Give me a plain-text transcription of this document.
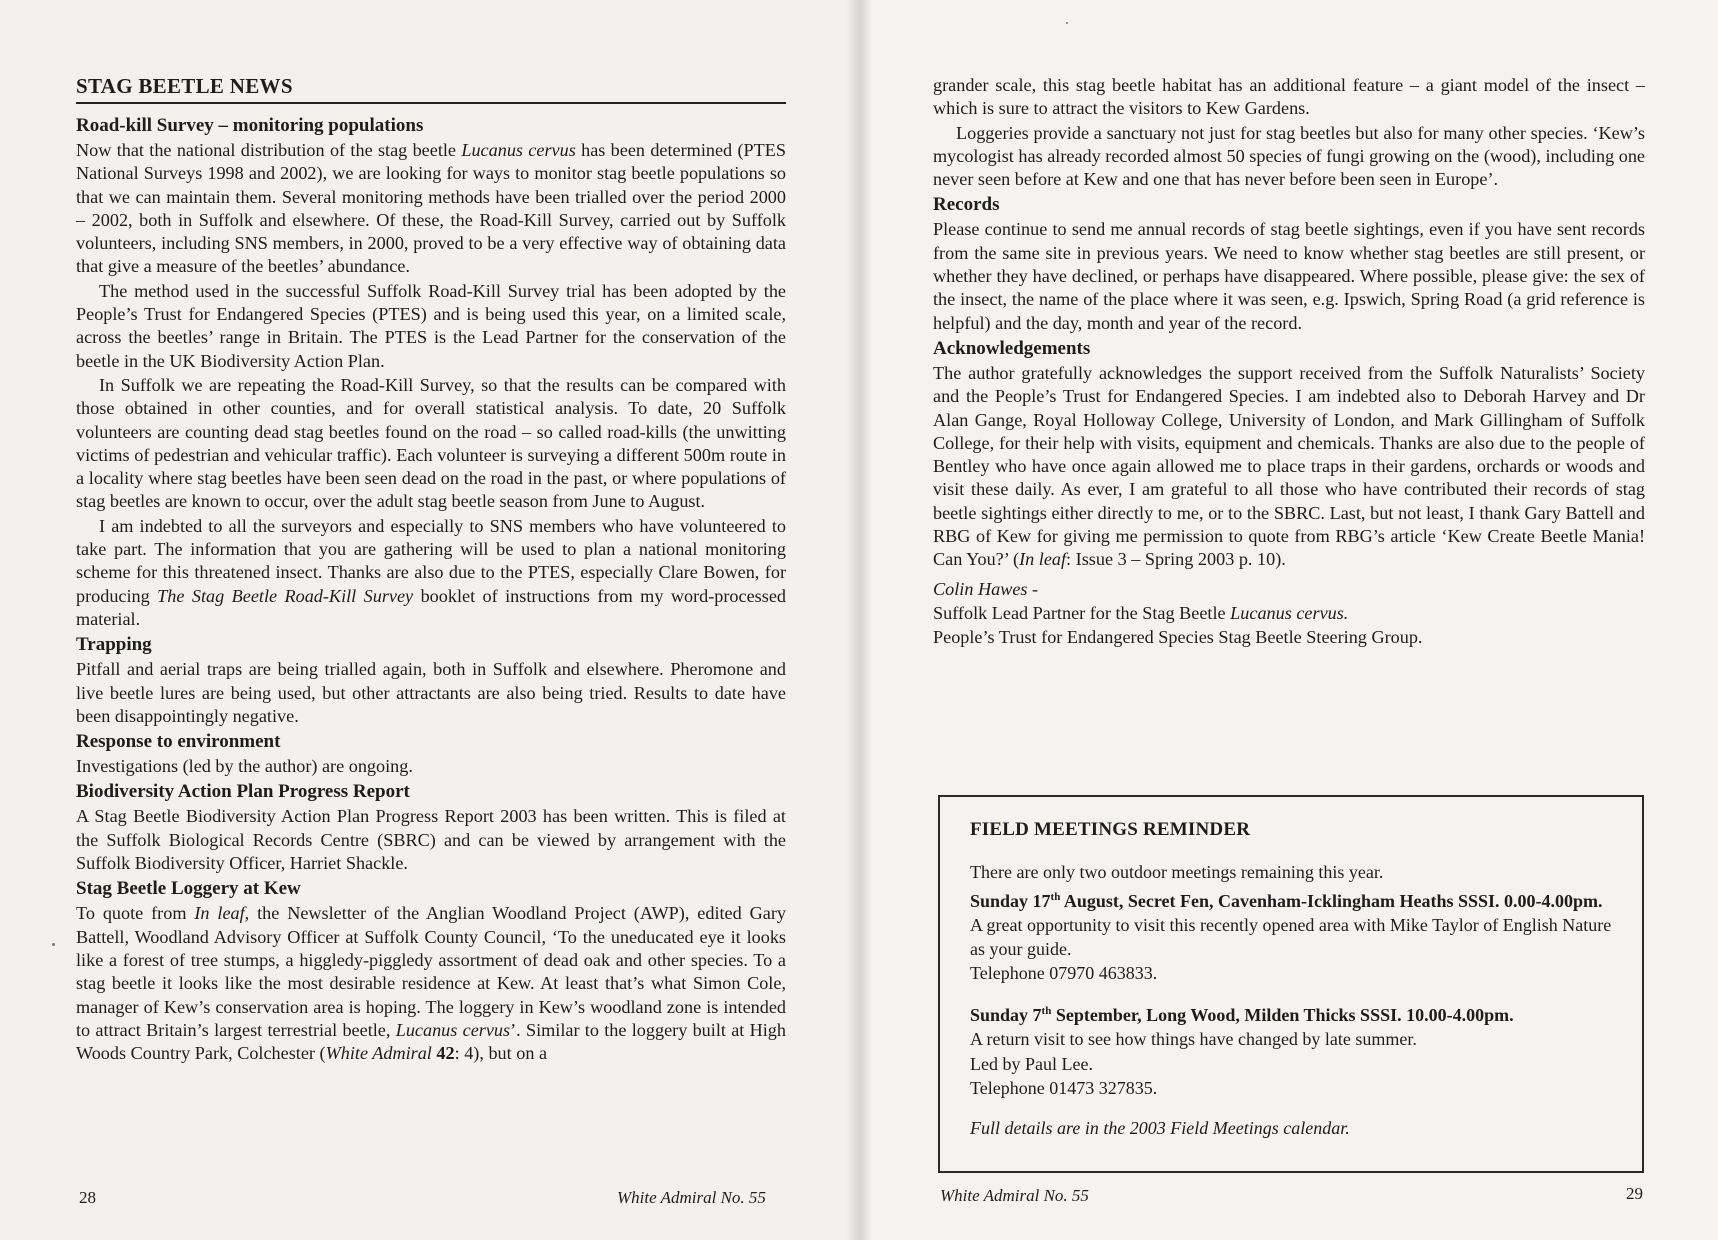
STAG BEETLE NEWS
Road-kill Survey – monitoring populations

Now that the national distribution of the stag beetle Lucanus cervus has been determined (PTES National Surveys 1998 and 2002), we are looking for ways to monitor stag beetle populations so that we can maintain them. Several monitoring methods have been trialled over the period 2000 – 2002, both in Suffolk and elsewhere. Of these, the Road-Kill Survey, carried out by Suffolk volunteers, including SNS members, in 2000, proved to be a very effective way of obtaining data that give a measure of the beetles’ abundance.

The method used in the successful Suffolk Road-Kill Survey trial has been adopted by the People’s Trust for Endangered Species (PTES) and is being used this year, on a limited scale, across the beetles’ range in Britain. The PTES is the Lead Partner for the conservation of the beetle in the UK Biodiversity Action Plan.

In Suffolk we are repeating the Road-Kill Survey, so that the results can be compared with those obtained in other counties, and for overall statistical analysis. To date, 20 Suffolk volunteers are counting dead stag beetles found on the road – so called road-kills (the unwitting victims of pedestrian and vehicular traffic). Each volunteer is surveying a different 500m route in a locality where stag beetles have been seen dead on the road in the past, or where populations of stag beetles are known to occur, over the adult stag beetle season from June to August.

I am indebted to all the surveyors and especially to SNS members who have volunteered to take part. The information that you are gathering will be used to plan a national monitoring scheme for this threatened insect. Thanks are also due to the PTES, especially Clare Bowen, for producing The Stag Beetle Road-Kill Survey booklet of instructions from my word-processed material.

Trapping

Pitfall and aerial traps are being trialled again, both in Suffolk and elsewhere. Pheromone and live beetle lures are being used, but other attractants are also being tried. Results to date have been disappointingly negative.

Response to environment

Investigations (led by the author) are ongoing.

Biodiversity Action Plan Progress Report

A Stag Beetle Biodiversity Action Plan Progress Report 2003 has been written. This is filed at the Suffolk Biological Records Centre (SBRC) and can be viewed by arrangement with the Suffolk Biodiversity Officer, Harriet Shackle.

Stag Beetle Loggery at Kew

To quote from In leaf, the Newsletter of the Anglian Woodland Project (AWP), edited Gary Battell, Woodland Advisory Officer at Suffolk County Council, ‘To the uneducated eye it looks like a forest of tree stumps, a higgledy-piggledy assortment of dead oak and other species. To a stag beetle it looks like the most desirable residence at Kew. At least that’s what Simon Cole, manager of Kew’s conservation area is hoping. The loggery in Kew’s woodland zone is intended to attract Britain’s largest terrestrial beetle, Lucanus cervus’. Similar to the loggery built at High Woods Country Park, Colchester (White Admiral 42: 4), but on a

28	White Admiral No. 55

grander scale, this stag beetle habitat has an additional feature – a giant model of the insect – which is sure to attract the visitors to Kew Gardens.

Loggeries provide a sanctuary not just for stag beetles but also for many other species. ‘Kew’s mycologist has already recorded almost 50 species of fungi growing on the (wood), including one never seen before at Kew and one that has never before been seen in Europe’.

Records

Please continue to send me annual records of stag beetle sightings, even if you have sent records from the same site in previous years. We need to know whether stag beetles are still present, or whether they have declined, or perhaps have disappeared. Where possible, please give: the sex of the insect, the name of the place where it was seen, e.g. Ipswich, Spring Road (a grid reference is helpful) and the day, month and year of the record.

Acknowledgements

The author gratefully acknowledges the support received from the Suffolk Naturalists’ Society and the People’s Trust for Endangered Species. I am indebted also to Deborah Harvey and Dr Alan Gange, Royal Holloway College, University of London, and Mark Gillingham of Suffolk College, for their help with visits, equipment and chemicals. Thanks are also due to the people of Bentley who have once again allowed me to place traps in their gardens, orchards or woods and visit these daily. As ever, I am grateful to all those who have contributed their records of stag beetle sightings either directly to me, or to the SBRC. Last, but not least, I thank Gary Battell and RBG of Kew for giving me permission to quote from RBG’s article ‘Kew Create Beetle Mania! Can You?’ (In leaf: Issue 3 – Spring 2003 p. 10).

Colin Hawes -

Suffolk Lead Partner for the Stag Beetle Lucanus cervus.

People’s Trust for Endangered Species Stag Beetle Steering Group.

FIELD MEETINGS REMINDER

There are only two outdoor meetings remaining this year.

Sunday 17th August, Secret Fen, Cavenham-Icklingham Heaths SSSI. 0.00-4.00pm.

A great opportunity to visit this recently opened area with Mike Taylor of English Nature as your guide.

Telephone 07970 463833.

Sunday 7th September, Long Wood, Milden Thicks SSSI. 10.00-4.00pm.

A return visit to see how things have changed by late summer.

Led by Paul Lee.

Telephone 01473 327835.

Full details are in the 2003 Field Meetings calendar.

White Admiral No. 55	29
